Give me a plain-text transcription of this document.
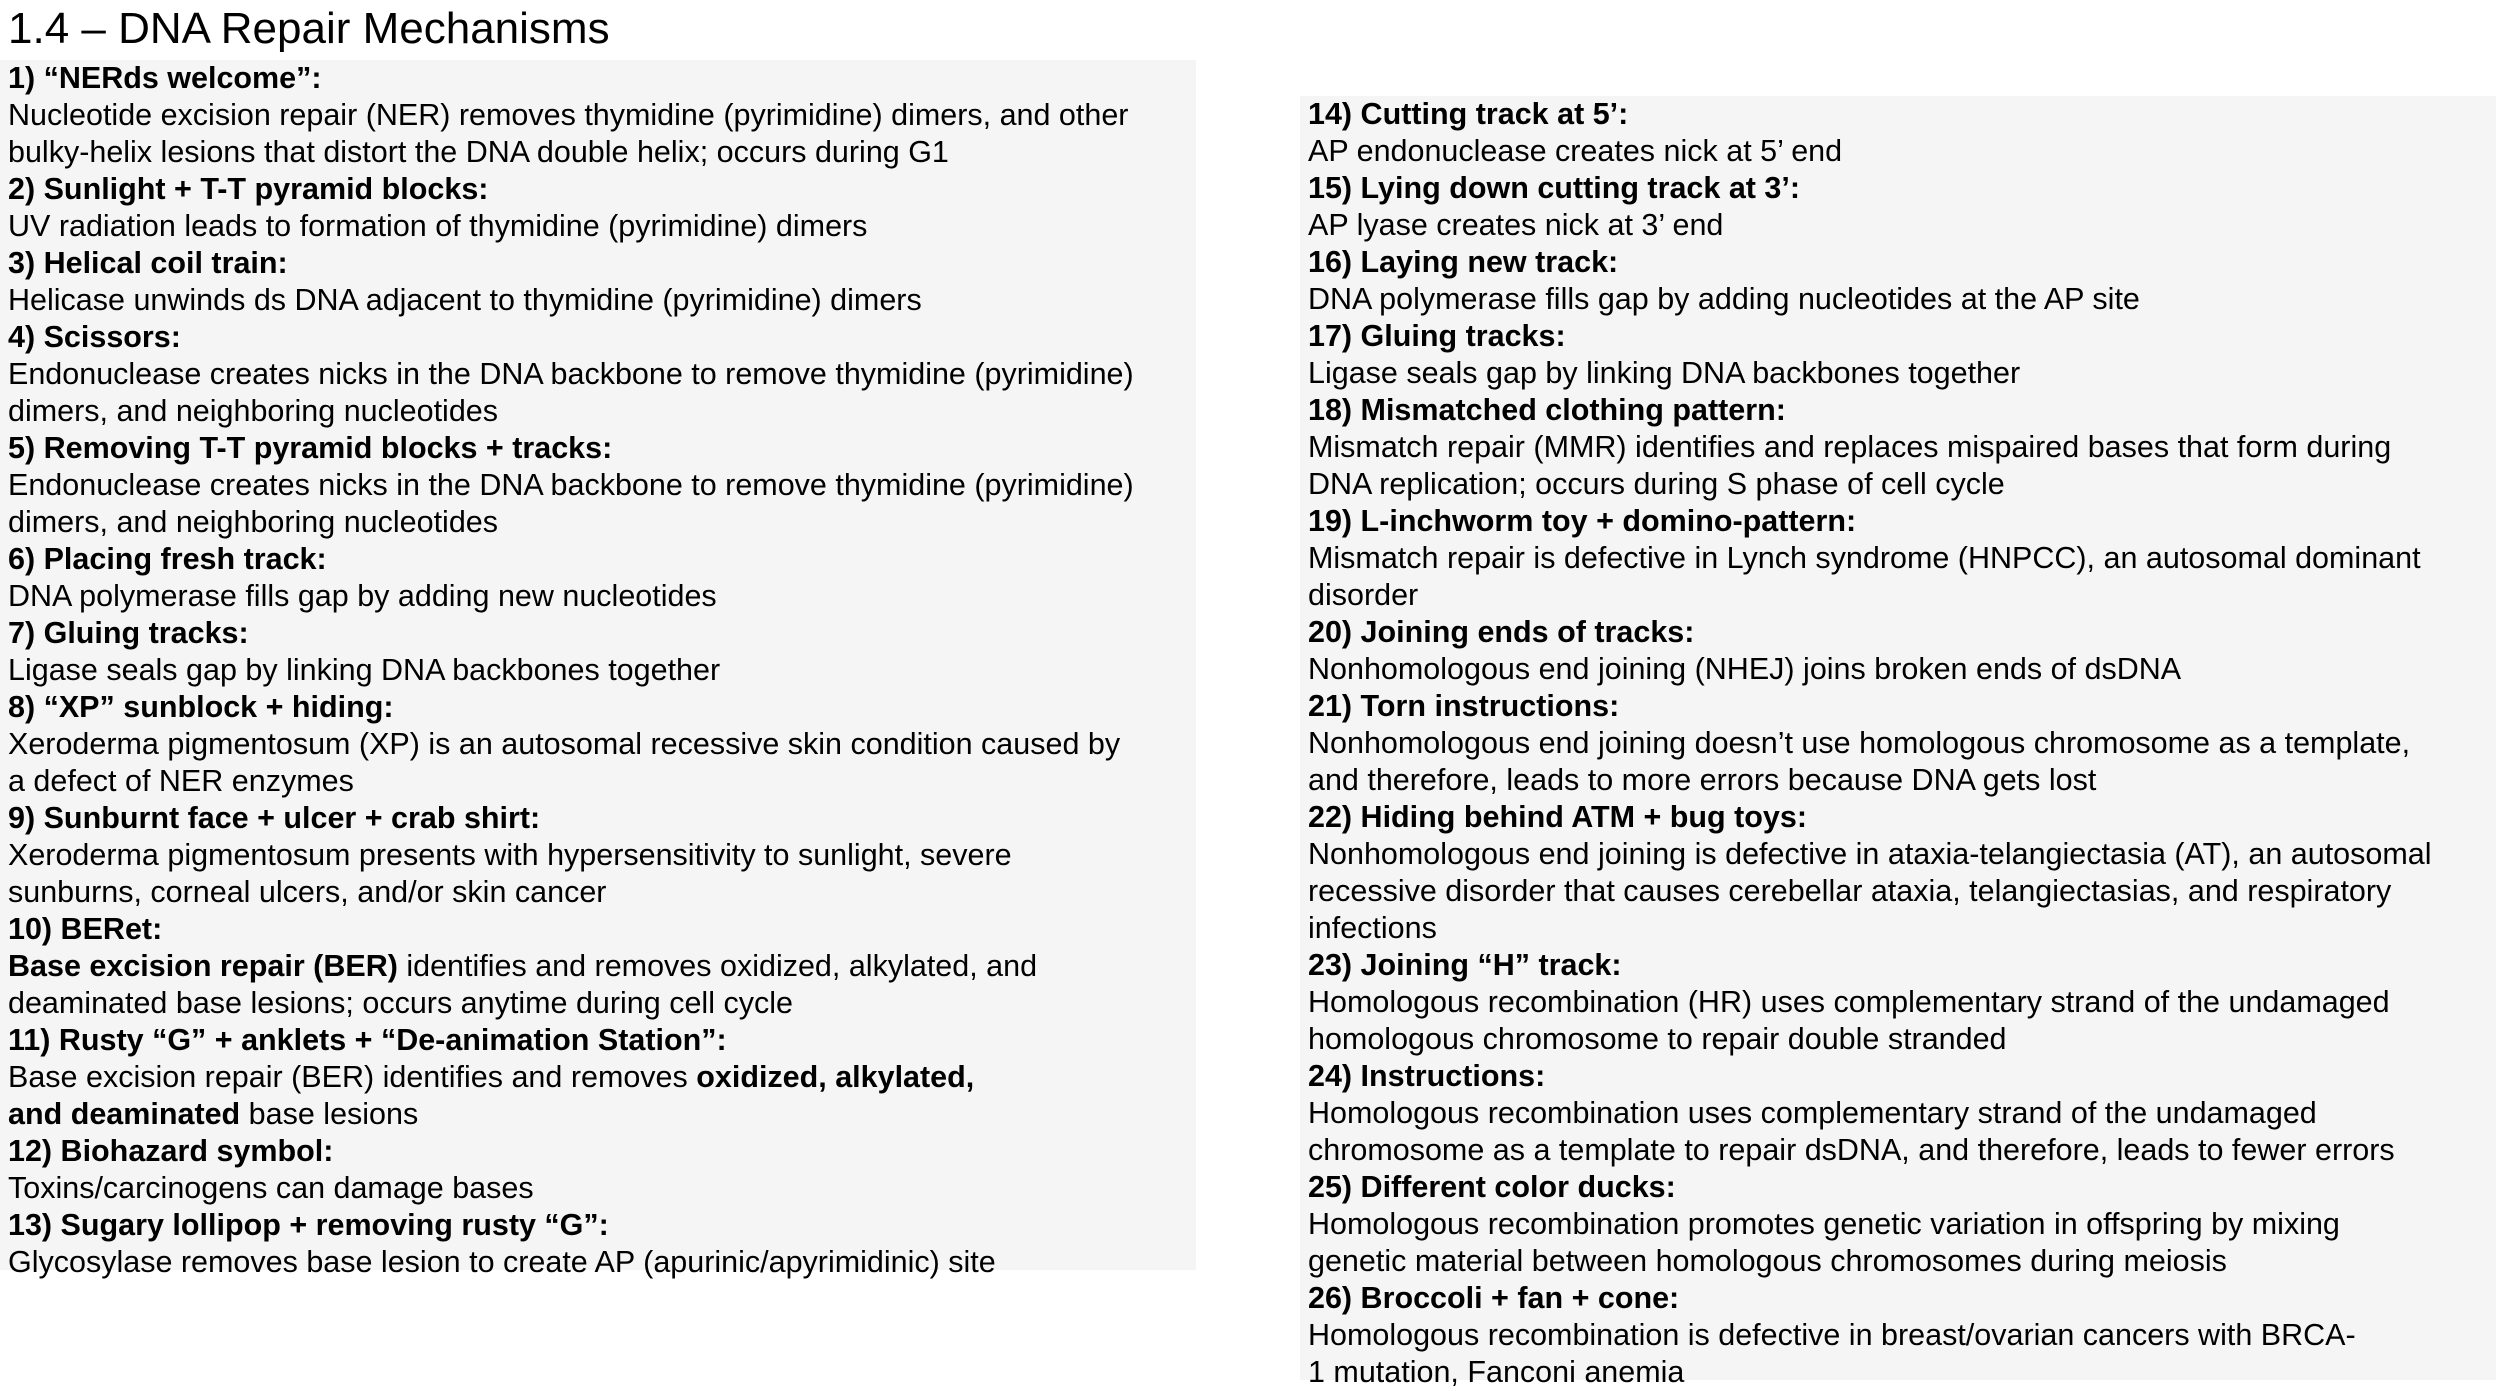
1.4 – DNA Repair Mechanisms
1) “NERds welcome”:
Nucleotide excision repair (NER) removes thymidine (pyrimidine) dimers, and other
bulky-helix lesions that distort the DNA double helix; occurs during G1
2) Sunlight + T-T pyramid blocks:
UV radiation leads to formation of thymidine (pyrimidine) dimers
3) Helical coil train:
Helicase unwinds ds DNA adjacent to thymidine (pyrimidine) dimers
4) Scissors:
Endonuclease creates nicks in the DNA backbone to remove thymidine (pyrimidine)
dimers, and neighboring nucleotides
5) Removing T-T pyramid blocks + tracks:
Endonuclease creates nicks in the DNA backbone to remove thymidine (pyrimidine)
dimers, and neighboring nucleotides
6) Placing fresh track:
DNA polymerase fills gap by adding new nucleotides
7) Gluing tracks:
Ligase seals gap by linking DNA backbones together
8) “XP” sunblock + hiding:
Xeroderma pigmentosum (XP) is an autosomal recessive skin condition caused by
a defect of NER enzymes
9) Sunburnt face + ulcer + crab shirt:
Xeroderma pigmentosum presents with hypersensitivity to sunlight, severe
sunburns, corneal ulcers, and/or skin cancer
10) BERet:
Base excision repair (BER) identifies and removes oxidized, alkylated, and
deaminated base lesions; occurs anytime during cell cycle
11) Rusty “G” + anklets + “De-animation Station”:
Base excision repair (BER) identifies and removes oxidized, alkylated,
and deaminated base lesions
12) Biohazard symbol:
Toxins/carcinogens can damage bases
13) Sugary lollipop + removing rusty “G”:
Glycosylase removes base lesion to create AP (apurinic/apyrimidinic) site
14) Cutting track at 5’:
AP endonuclease creates nick at 5’ end
15) Lying down cutting track at 3’:
AP lyase creates nick at 3’ end
16) Laying new track:
DNA polymerase fills gap by adding nucleotides at the AP site
17) Gluing tracks:
Ligase seals gap by linking DNA backbones together
18) Mismatched clothing pattern:
Mismatch repair (MMR) identifies and replaces mispaired bases that form during
DNA replication; occurs during S phase of cell cycle
19) L-inchworm toy + domino-pattern:
Mismatch repair is defective in Lynch syndrome (HNPCC), an autosomal dominant
disorder
20) Joining ends of tracks:
Nonhomologous end joining (NHEJ) joins broken ends of dsDNA
21) Torn instructions:
Nonhomologous end joining doesn’t use homologous chromosome as a template,
and therefore, leads to more errors because DNA gets lost
22) Hiding behind ATM + bug toys:
Nonhomologous end joining is defective in ataxia-telangiectasia (AT), an autosomal
recessive disorder that causes cerebellar ataxia, telangiectasias, and respiratory
infections
23) Joining “H” track:
Homologous recombination (HR) uses complementary strand of the undamaged
homologous chromosome to repair double stranded
24) Instructions:
Homologous recombination uses complementary strand of the undamaged
chromosome as a template to repair dsDNA, and therefore, leads to fewer errors
25) Different color ducks:
Homologous recombination promotes genetic variation in offspring by mixing
genetic material between homologous chromosomes during meiosis
26) Broccoli + fan + cone:
Homologous recombination is defective in breast/ovarian cancers with BRCA-
1 mutation, Fanconi anemia
